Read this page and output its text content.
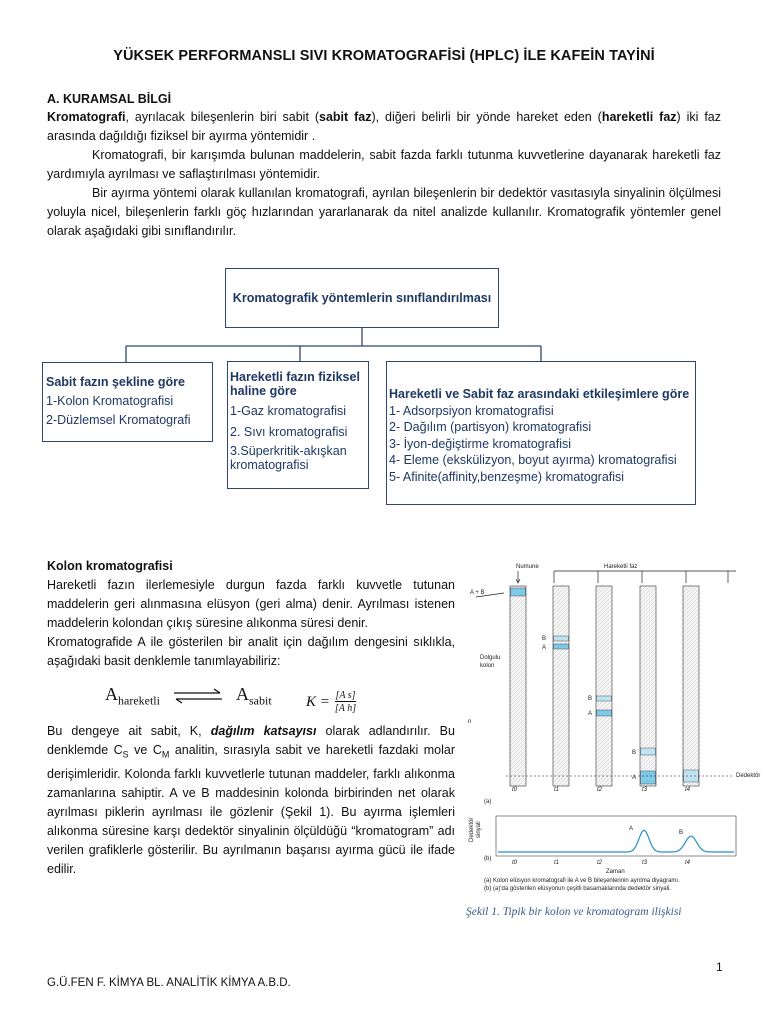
YÜKSEK PERFORMANSLI SIVI KROMATOGRAFİSİ (HPLC) İLE KAFEİN TAYİNİ
A. KURAMSAL BİLGİ

Kromatografi, ayrılacak bileşenlerin biri sabit (sabit faz), diğeri belirli bir yönde hareket eden (hareketli faz) iki faz arasında dağıldığı fiziksel bir ayırma yöntemidir .

Kromatografi, bir karışımda bulunan maddelerin, sabit fazda farklı tutunma kuvvetlerine dayanarak hareketli faz yardımıyla ayrılması ve saflaştırılması yöntemidir.

Bir ayırma yöntemi olarak kullanılan kromatografi, ayrılan bileşenlerin bir dedektör vasıtasıyla sinyalinin ölçülmesi yoluyla nicel, bileşenlerin farklı göç hızlarından yararlanarak da nitel analizde kullanılır. Kromatografik yöntemler genel olarak aşağıdaki gibi sınıflandırılır.

Kromatografik yöntemlerin sınıflandırılması
Sabit fazın şekline göre
1-Kolon Kromatografisi
2-Düzlemsel Kromatografi
Hareketli fazın fiziksel haline göre
1-Gaz kromatografisi
2. Sıvı kromatografisi
3.Süperkritik-akışkan kromatografisi
Hareketli ve Sabit faz arasındaki etkileşimlere göre
1- Adsorpsiyon kromatografisi
2- Dağılım (partisyon) kromatografisi
3- İyon-değiştirme kromatografisi
4- Eleme (ekskülizyon, boyut ayırma) kromatografisi
5- Afinite(affinity,benzeşme) kromatografisi

Kolon kromatografisi

Hareketli fazın ilerlemesiyle durgun fazda farklı kuvvetle tutunan maddelerin geri alınmasına elüsyon (geri alma) denir. Ayrılması istenen maddelerin kolondan çıkış süresine alıkonma süresi denir.

Kromatografide A ile gösterilen bir analit için dağılım dengesini sıklıkla, aşağıdaki basit denklemle tanımlayabiliriz:

$A_{hareketli}$ ⇌ $A_{sabit}$ $K = \frac{\text{[A s]}}{\text{[A h]}}$

Bu dengeye ait sabit, K, dağılım katsayısı olarak adlandırılır. Bu denklemde $C_S$ ve $C_M$ analitin, sırasıyla sabit ve hareketli fazdaki molar derişimleridir. Kolonda farklı kuvvetlerle tutunan maddeler, farklı alıkonma zamanlarına sahiptir. A ve B maddesinin kolonda birbirinden net olarak ayrılması piklerin ayrılması ile gözlenir (Şekil 1). Bu ayırma işlemleri alıkonma süresine karşı dedektör sinyalinin ölçüldüğü “kromatogram” adı verilen grafiklerle gösterilir. Bu ayrılmanın başarısı ayırma gücü ile ifade edilir.

Numune	Hareketli faz
A + B
Dolgulu
kolon
n
Dedektör
(a)
t0	t1	t2	t3	t4
B
A
B
A
B
A
Dedektör sinyali
(b)
A
B
t0	t1	t2	t3	t4
Zaman
(a) Kolon elüsyon kromatografi ile A ve B bileşenlerinin ayrılma diyagramı.
(b) (a)'da gösterilen elüsyonun çeşitli basamaklarında dedektör sinyali.
Şekil 1. Tipik bir kolon ve kromatogram ilişkisi
1
G.Ü.FEN F. KİMYA BL. ANALİTİK KİMYA A.B.D.
